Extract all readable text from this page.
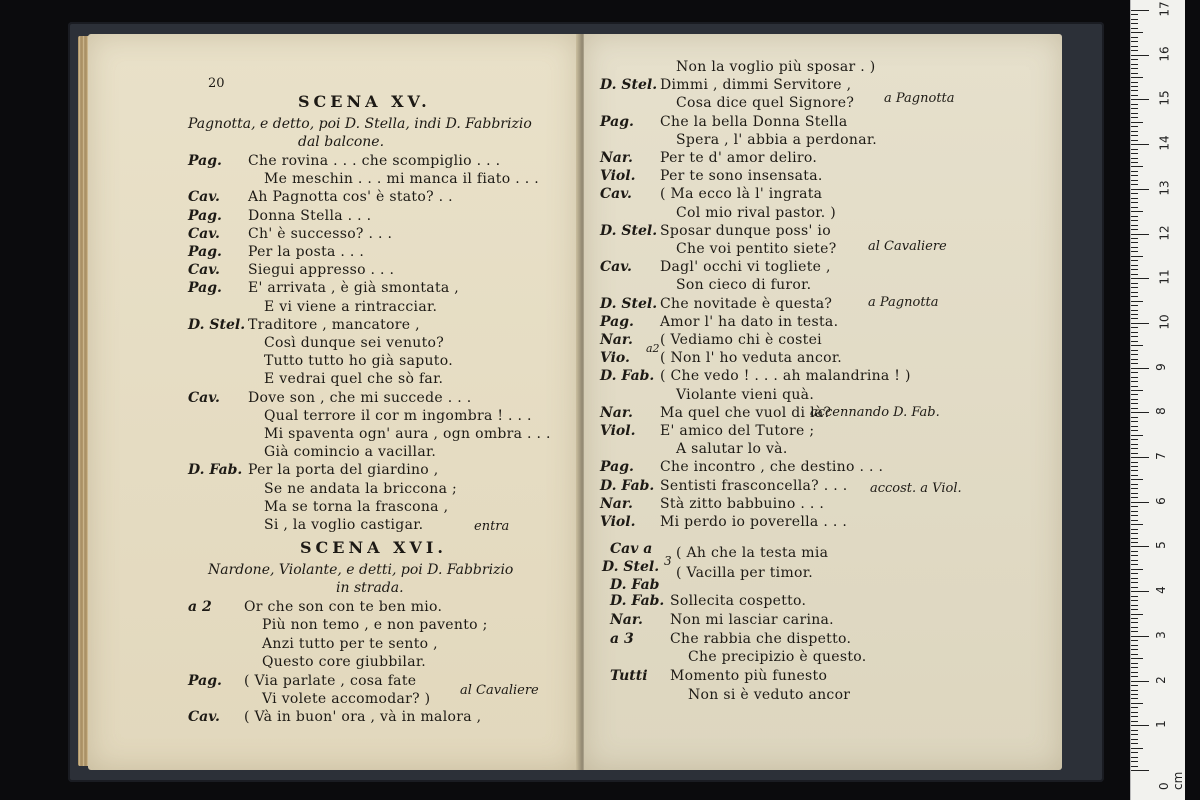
20
SCENA XV.
Pagnotta, e detto, poi D. Stella, indi D. Fabbrizio
dal balcone.
Pag. Che rovina . . . che scompiglio . . .
Me meschin . . . mi manca il fiato . . .
Cav. Ah Pagnotta cos' è stato? . .
Pag. Donna Stella . . .
Cav. Ch' è successo? . . .
Pag. Per la posta . . .
Cav. Siegui appresso . . .
Pag. E' arrivata , è già smontata ,
E vi viene a rintracciar.
D. Stel. Traditore , mancatore ,
Così dunque sei venuto?
Tutto tutto ho già saputo.
E vedrai quel che sò far.
Cav. Dove son , che mi succede . . .
Qual terrore il cor m ingombra ! . . .
Mi spaventa ogn' aura , ogn ombra . . .
Già comincio a vacillar.
D. Fab. Per la porta del giardino ,
Se ne andata la briccona ;
Ma se torna la frascona ,
Si , la voglio castigar.	entra
SCENA XVI.
Nardone, Violante, e detti, poi D. Fabbrizio
in strada.
a 2 Or che son con te ben mio.
Più non temo , e non pavento ;
Anzi tutto per te sento ,
Questo core giubbilar.
Pag. ( Via parlate , cosa fate
Vi volete accomodar? )
Cav. ( Và in buon' ora , và in malora ,
al Cavaliere
Non la voglio più sposar . )
D. Stel. Dimmi , dimmi Servitore ,
Cosa dice quel Signore?
Pag. Che la bella Donna Stella
Spera , l' abbia a perdonar.
Nar. Per te d' amor deliro.
Viol. Per te sono insensata.
Cav. ( Ma ecco là l' ingrata
Col mio rival pastor. )
D. Stel. Sposar dunque poss' io
Che voi pentito siete?
Cav. Dagl' occhi vi togliete ,
Son cieco di furor.
D. Stel. Che novitade è questa?
Pag. Amor l' ha dato in testa.
Nar. ( Vediamo chi è costei
Vio. ( Non l' ho veduta ancor.
D. Fab. ( Che vedo ! . . . ah malandrina ! )
Violante vieni quà.
Nar. Ma quel che vuol di là?
Viol. E' amico del Tutore ;
A salutar lo và.
Pag. Che incontro , che destino . . .
D. Fab. Sentisti frasconcella? . . .
Nar. Stà zitto babbuino . . .
Viol. Mi perdo io poverella . . .
a Pagnotta
al Cavaliere
a Pagnotta
a2
accennando D. Fab.
accost. a Viol.
Cav a
D. Stel.
D. Fab
3 ( Ah che la testa mia
( Vacilla per timor.
D. Fab. Sollecita cospetto.
Nar. Non mi lasciar carina.
a 3	Che rabbia che dispetto.
Che precipizio è questo.
Tutti Momento più funesto
Non si è veduto ancor
0 cm
1
2
3
4
5
6
7
8
9
10
11
12
13
14
15
16
17
